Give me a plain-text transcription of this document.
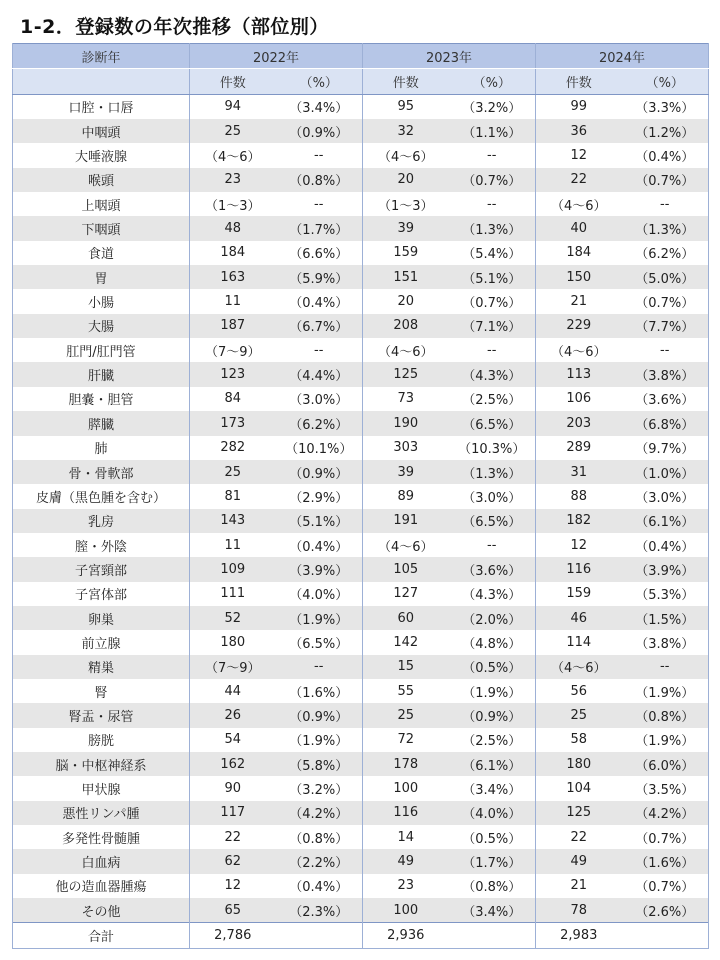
1-2．登録数の年次推移（部位別）
診断年	2022年		2023年		2024年	
	件数	（%）	件数	（%）	件数	（%）
口腔・口唇	94	（3.4%）	95	（3.2%）	99	（3.3%）
中咽頭	25	（0.9%）	32	（1.1%）	36	（1.2%）
大唾液腺	（4～6）	--	（4～6）	--	12	（0.4%）
喉頭	23	（0.8%）	20	（0.7%）	22	（0.7%）
上咽頭	（1～3）	--	（1～3）	--	（4～6）	--
下咽頭	48	（1.7%）	39	（1.3%）	40	（1.3%）
食道	184	（6.6%）	159	（5.4%）	184	（6.2%）
胃	163	（5.9%）	151	（5.1%）	150	（5.0%）
小腸	11	（0.4%）	20	（0.7%）	21	（0.7%）
大腸	187	（6.7%）	208	（7.1%）	229	（7.7%）
肛門/肛門管	（7～9）	--	（4～6）	--	（4～6）	--
肝臓	123	（4.4%）	125	（4.3%）	113	（3.8%）
胆嚢・胆管	84	（3.0%）	73	（2.5%）	106	（3.6%）
膵臓	173	（6.2%）	190	（6.5%）	203	（6.8%）
肺	282	（10.1%）	303	（10.3%）	289	（9.7%）
骨・骨軟部	25	（0.9%）	39	（1.3%）	31	（1.0%）
皮膚（黒色腫を含む）	81	（2.9%）	89	（3.0%）	88	（3.0%）
乳房	143	（5.1%）	191	（6.5%）	182	（6.1%）
膣・外陰	11	（0.4%）	（4～6）	--	12	（0.4%）
子宮頸部	109	（3.9%）	105	（3.6%）	116	（3.9%）
子宮体部	111	（4.0%）	127	（4.3%）	159	（5.3%）
卵巣	52	（1.9%）	60	（2.0%）	46	（1.5%）
前立腺	180	（6.5%）	142	（4.8%）	114	（3.8%）
精巣	（7～9）	--	15	（0.5%）	（4～6）	--
腎	44	（1.6%）	55	（1.9%）	56	（1.9%）
腎盂・尿管	26	（0.9%）	25	（0.9%）	25	（0.8%）
膀胱	54	（1.9%）	72	（2.5%）	58	（1.9%）
脳・中枢神経系	162	（5.8%）	178	（6.1%）	180	（6.0%）
甲状腺	90	（3.2%）	100	（3.4%）	104	（3.5%）
悪性リンパ腫	117	（4.2%）	116	（4.0%）	125	（4.2%）
多発性骨髄腫	22	（0.8%）	14	（0.5%）	22	（0.7%）
白血病	62	（2.2%）	49	（1.7%）	49	（1.6%）
他の造血器腫瘍	12	（0.4%）	23	（0.8%）	21	（0.7%）
その他	65	（2.3%）	100	（3.4%）	78	（2.6%）
合計	2,786		2,936		2,983	
